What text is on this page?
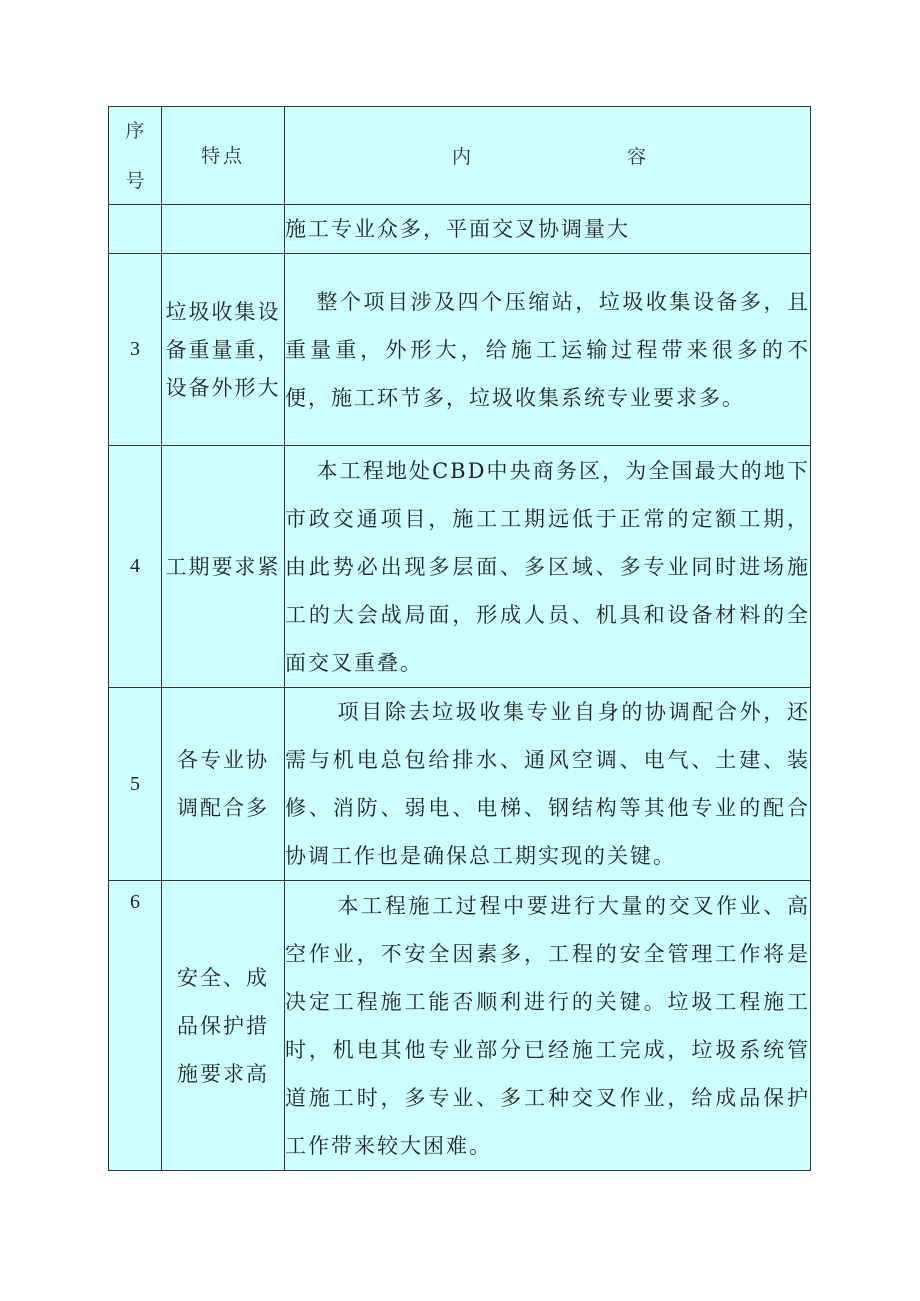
序
号	特点	内 容
		施工专业众多，平面交叉协调量大
3	垃圾收集设备重量重，设备外形大	整个项目涉及四个压缩站，垃圾收集设备多，且重量重，外形大，给施工运输过程带来很多的不便，施工环节多，垃圾收集系统专业要求多。
4	工期要求紧	本工程地处CBD中央商务区，为全国最大的地下市政交通项目，施工工期远低于正常的定额工期，由此势必出现多层面、多区域、多专业同时进场施工的大会战局面，形成人员、机具和设备材料的全面交叉重叠。
5	各专业协调配合多	项目除去垃圾收集专业自身的协调配合外，还需与机电总包给排水、通风空调、电气、土建、装修、消防、弱电、电梯、钢结构等其他专业的配合协调工作也是确保总工期实现的关键。
6	安全、成品保护措施要求高	本工程施工过程中要进行大量的交叉作业、高空作业，不安全因素多，工程的安全管理工作将是决定工程施工能否顺利进行的关键。垃圾工程施工时，机电其他专业部分已经施工完成，垃圾系统管道施工时，多专业、多工种交叉作业，给成品保护工作带来较大困难。
